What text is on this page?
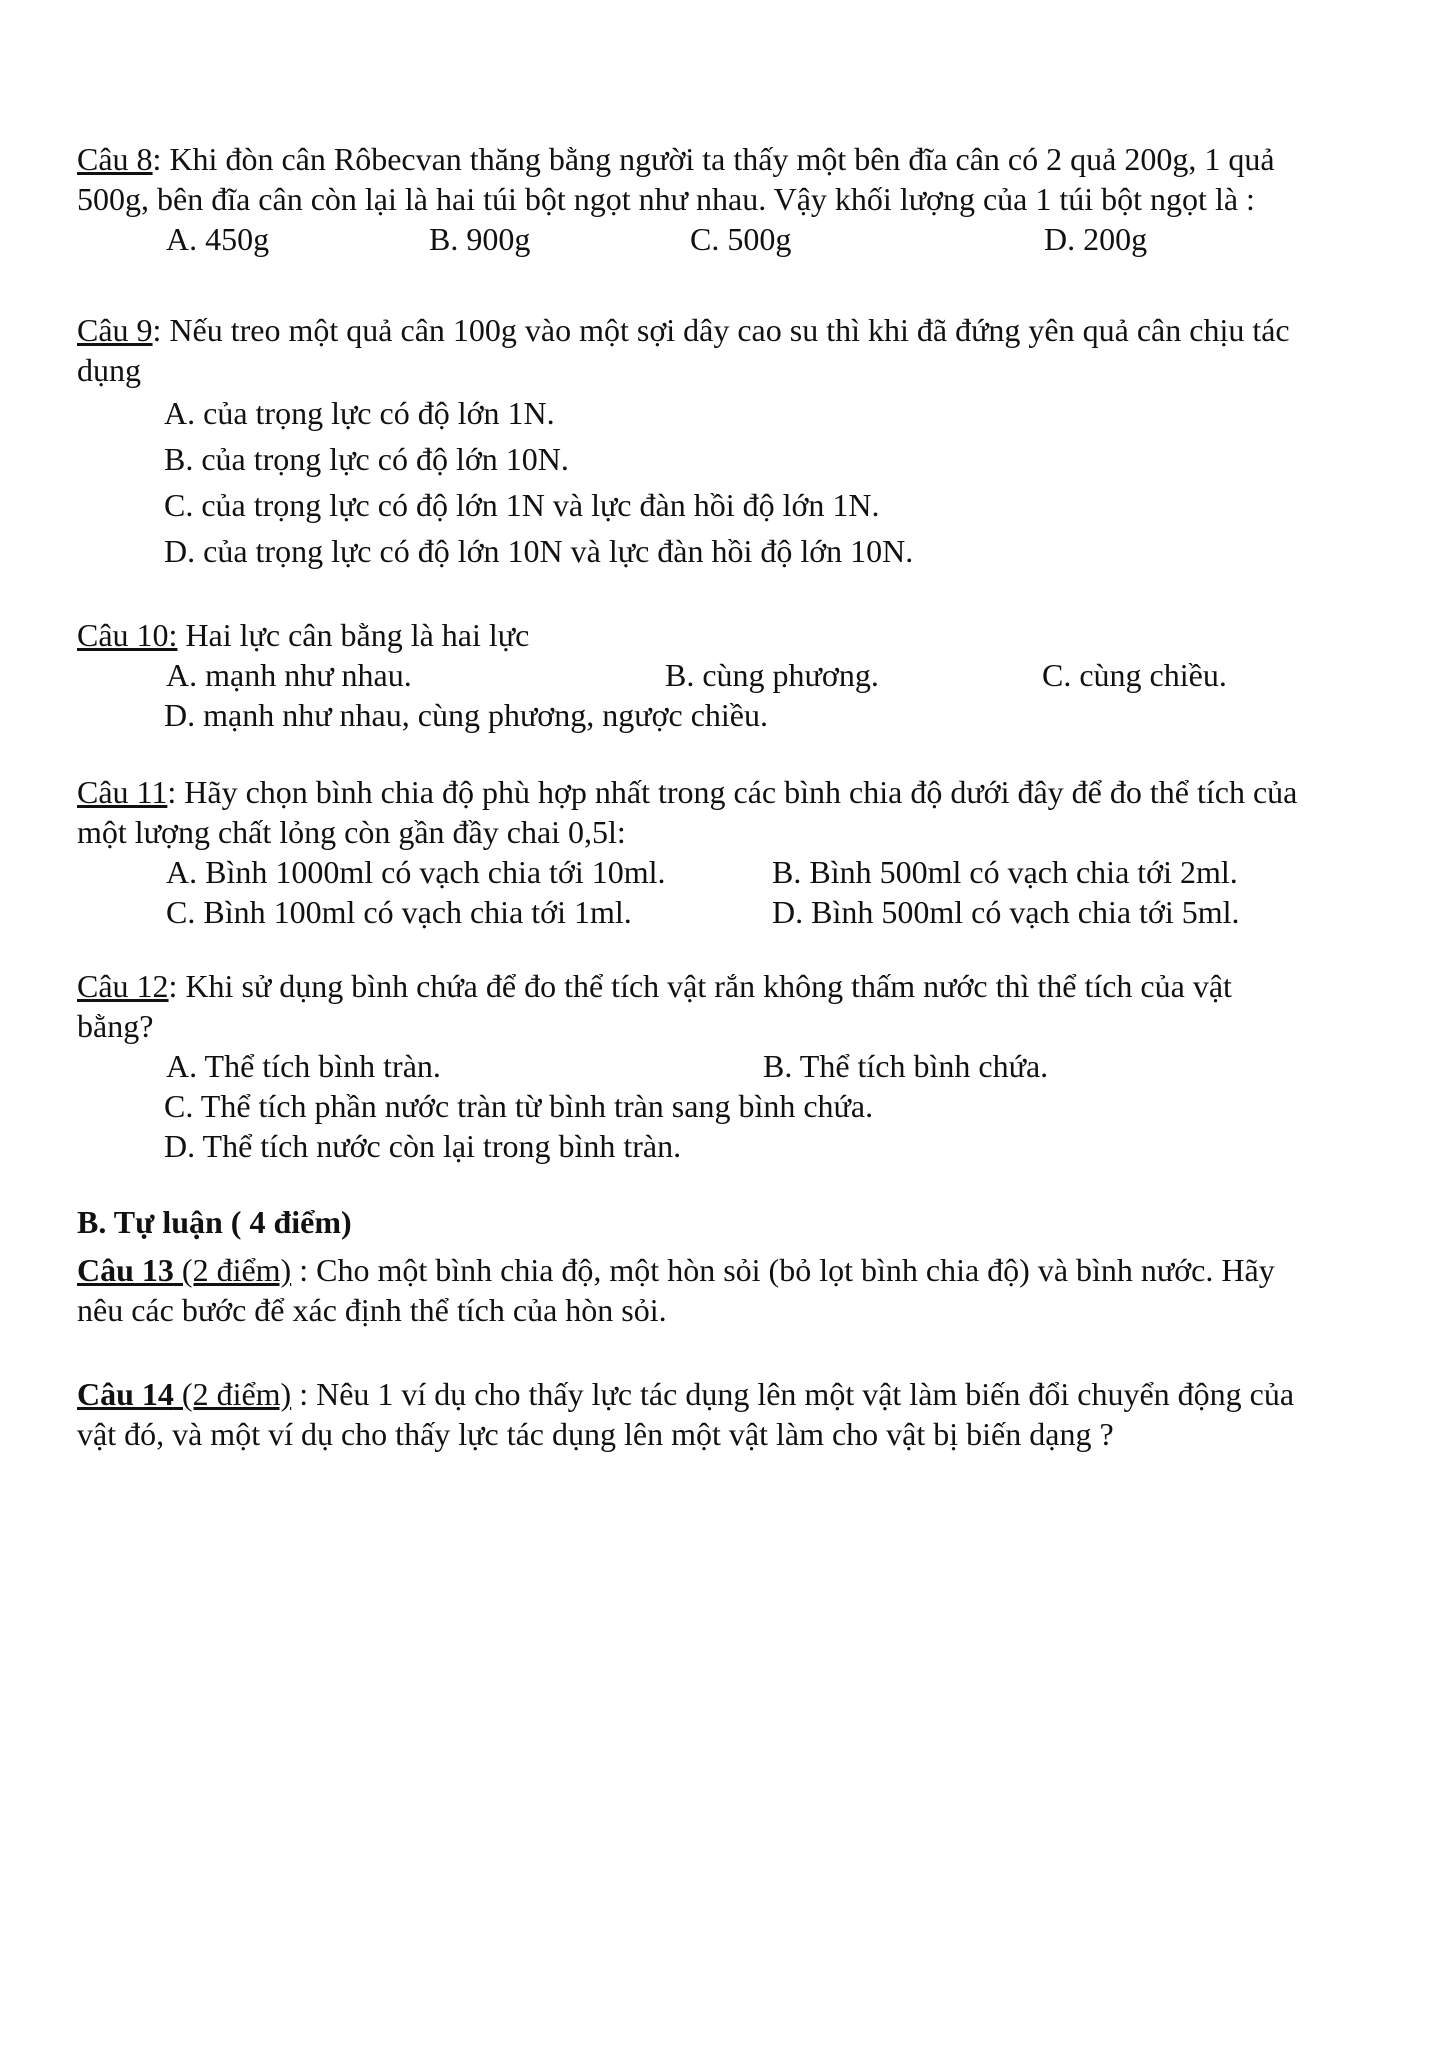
Câu 8: Khi đòn cân Rôbecvan thăng bằng người ta thấy một bên đĩa cân có 2 quả 200g, 1 quả
500g, bên đĩa cân còn lại là hai túi bột ngọt như nhau. Vậy khối lượng của 1 túi bột ngọt là :
A. 450g	B. 900g	C. 500g	D. 200g
Câu 9: Nếu treo một quả cân 100g vào một sợi dây cao su thì khi đã đứng yên quả cân chịu tác
dụng
A. của trọng lực có độ lớn 1N.
B. của trọng lực có độ lớn 10N.
C. của trọng lực có độ lớn 1N và lực đàn hồi độ lớn 1N.
D. của trọng lực có độ lớn 10N và lực đàn hồi độ lớn 10N.
Câu 10: Hai lực cân bằng là hai lực
A. mạnh như nhau.	B. cùng phương.	C. cùng chiều.
D. mạnh như nhau, cùng phương, ngược chiều.
Câu 11: Hãy chọn bình chia độ phù hợp nhất trong các bình chia độ dưới đây để đo thể tích của
một lượng chất lỏng còn gần đầy chai 0,5l:
A. Bình 1000ml có vạch chia tới 10ml.	B. Bình 500ml có vạch chia tới 2ml.
C. Bình 100ml có vạch chia tới 1ml.	D. Bình 500ml có vạch chia tới 5ml.
Câu 12: Khi sử dụng bình chứa để đo thể tích vật rắn không thấm nước thì thể tích của vật
bằng?
A. Thể tích bình tràn.	B. Thể tích bình chứa.
C. Thể tích phần nước tràn từ bình tràn sang bình chứa.
D. Thể tích nước còn lại trong bình tràn.
B. Tự luận ( 4 điểm)
Câu 13 (2 điểm) : Cho một bình chia độ, một hòn sỏi (bỏ lọt bình chia độ) và bình nước. Hãy
nêu các bước để xác định thể tích của hòn sỏi.
Câu 14 (2 điểm) : Nêu 1 ví dụ cho thấy lực tác dụng lên một vật làm biến đổi chuyển động của
vật đó, và một ví dụ cho thấy lực tác dụng lên một vật làm cho vật bị biến dạng ?
